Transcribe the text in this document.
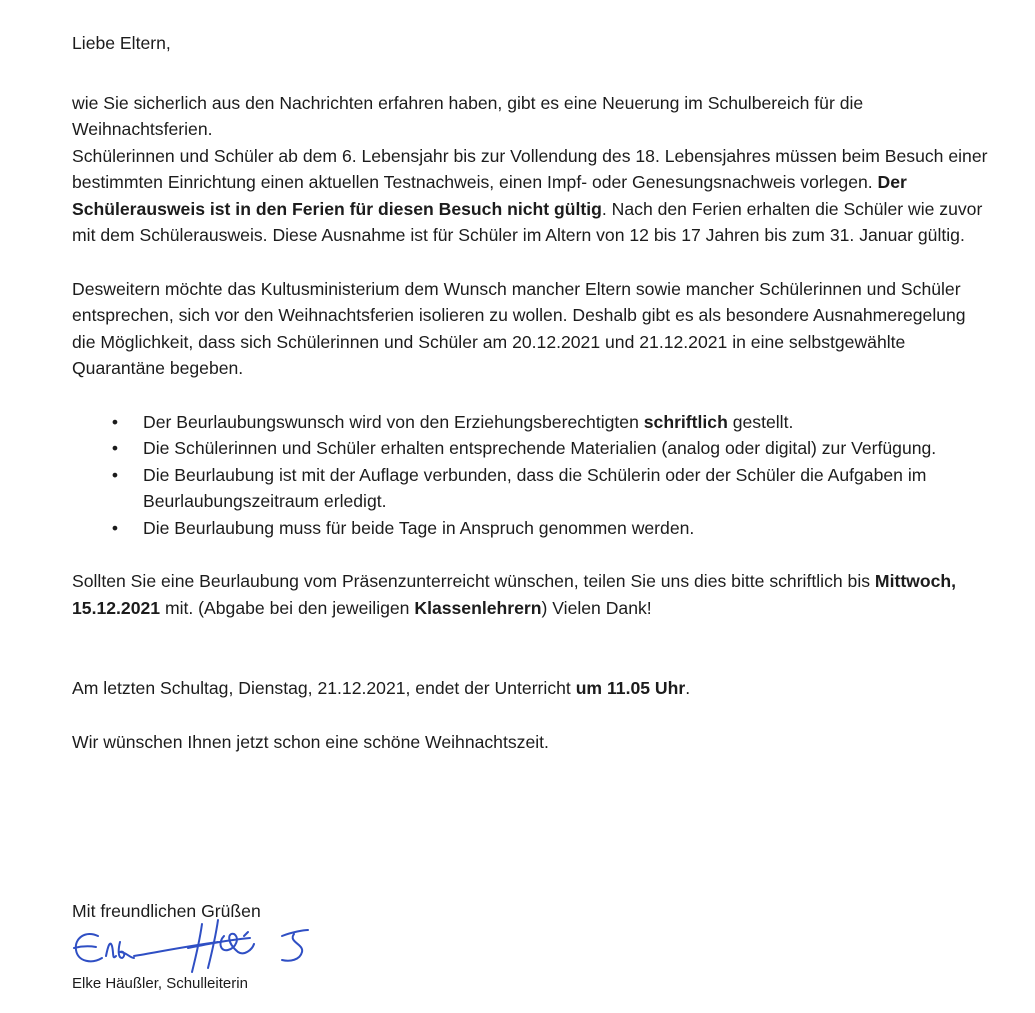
Liebe Eltern,

wie Sie sicherlich aus den Nachrichten erfahren haben, gibt es eine Neuerung im Schulbereich für die Weihnachtsferien.

Schülerinnen und Schüler ab dem 6. Lebensjahr bis zur Vollendung des 18. Lebensjahres müssen beim Besuch einer bestimmten Einrichtung einen aktuellen Testnachweis, einen Impf- oder Genesungsnachweis vorlegen. Der Schülerausweis ist in den Ferien für diesen Besuch nicht gültig. Nach den Ferien erhalten die Schüler wie zuvor mit dem Schülerausweis. Diese Ausnahme ist für Schüler im Altern von 12 bis 17 Jahren bis zum 31. Januar gültig.

Desweitern möchte das Kultusministerium dem Wunsch mancher Eltern sowie mancher Schülerinnen und Schüler entsprechen, sich vor den Weihnachtsferien isolieren zu wollen. Deshalb gibt es als besondere Ausnahmeregelung die Möglichkeit, dass sich Schülerinnen und Schüler am 20.12.2021 und 21.12.2021 in eine selbstgewählte Quarantäne begeben.

• Der Beurlaubungswunsch wird von den Erziehungsberechtigten schriftlich gestellt.
• Die Schülerinnen und Schüler erhalten entsprechende Materialien (analog oder digital) zur Verfügung.
• Die Beurlaubung ist mit der Auflage verbunden, dass die Schülerin oder der Schüler die Aufgaben im Beurlaubungszeitraum erledigt.
• Die Beurlaubung muss für beide Tage in Anspruch genommen werden.

Sollten Sie eine Beurlaubung vom Präsenzunterreicht wünschen, teilen Sie uns dies bitte schriftlich bis Mittwoch, 15.12.2021 mit. (Abgabe bei den jeweiligen Klassenlehrern) Vielen Dank!

Am letzten Schultag, Dienstag, 21.12.2021, endet der Unterricht um 11.05 Uhr.

Wir wünschen Ihnen jetzt schon eine schöne Weihnachtszeit.

Mit freundlichen Grüßen

Elke Häußler, Schulleiterin
